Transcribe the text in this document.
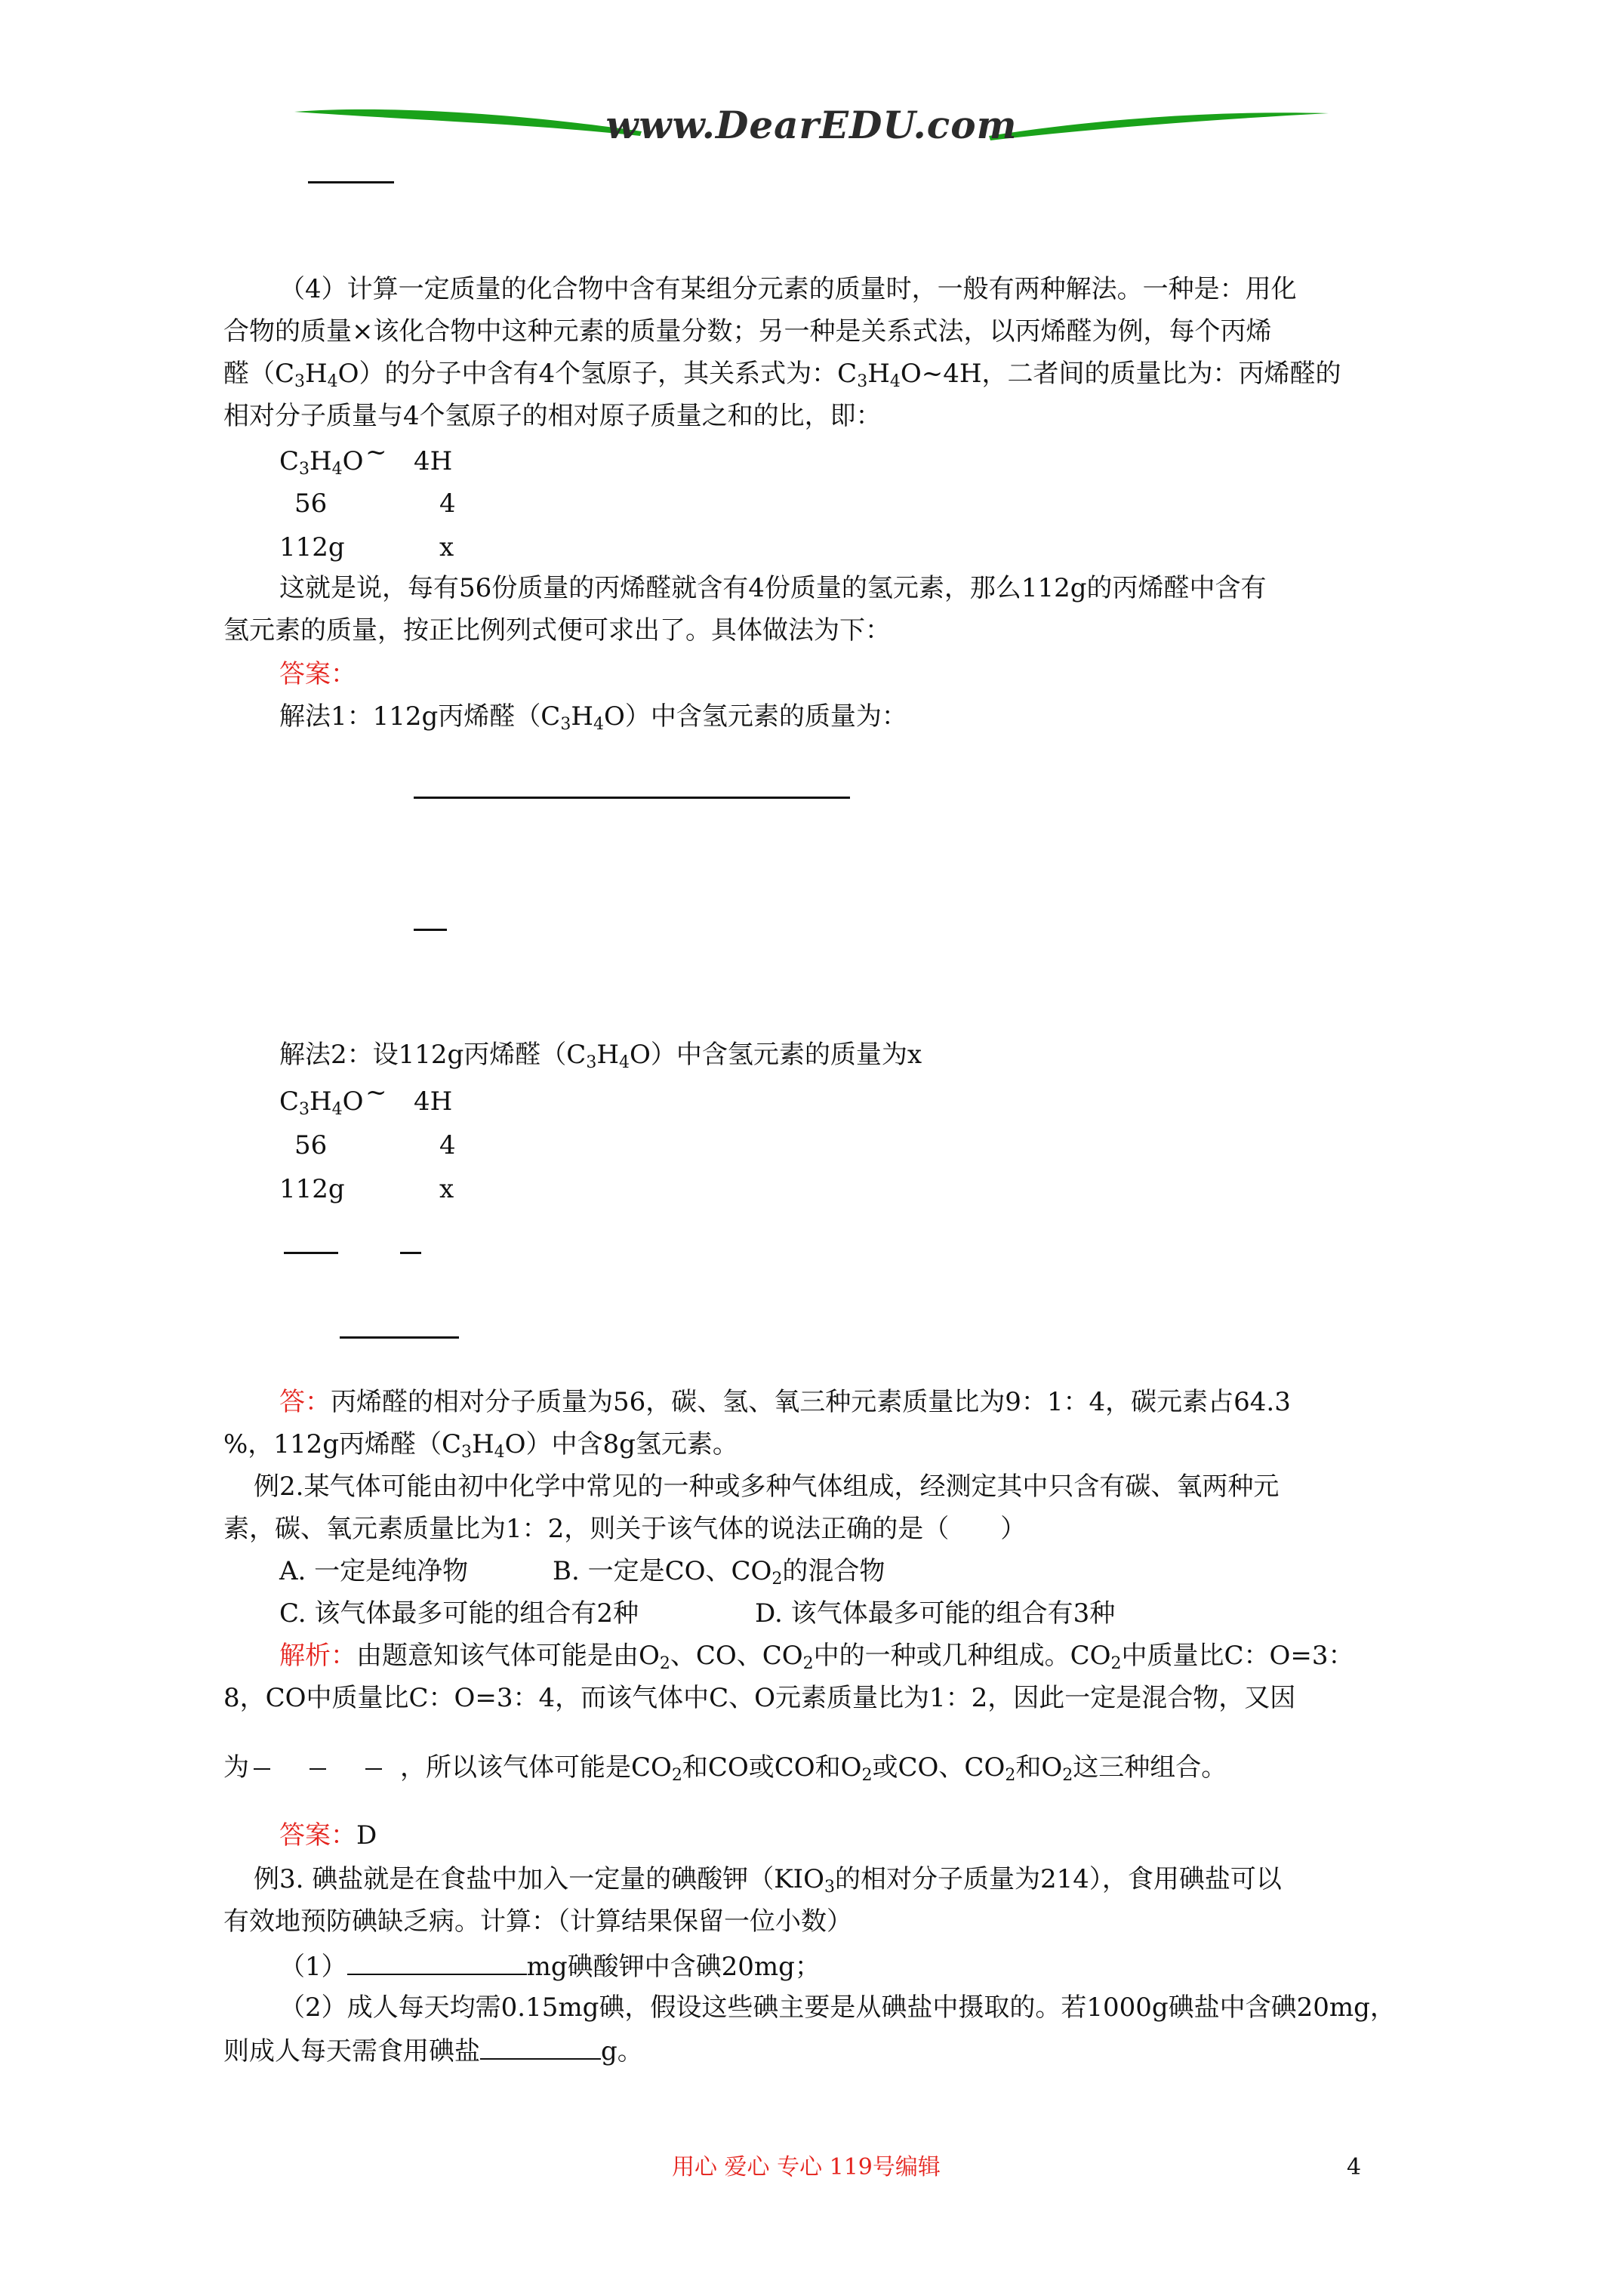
www.DearEDU.com
（4）计算一定质量的化合物中含有某组分元素的质量时，一般有两种解法。一种是：用化
合物的质量×该化合物中这种元素的质量分数；另一种是关系式法，以丙烯醛为例，每个丙烯
醛$(C_3H_4O)$的分子中含有4个氢原子，其关系式为：$C_3H_4O\sim 4H$，二者间的质量比为：丙烯醛的
相对分子质量与4个氢原子的相对原子质量之和的比，即：
$C_3H_4O$ ~ 4H
56	4
112g	x
这就是说，每有56份质量的丙烯醛就含有4份质量的氢元素，那么112g的丙烯醛中含有
氢元素的质量，按正比例列式便可求出了。具体做法为下：
答案：
解法1：112g丙烯醛$(C_3H_4O)$中含氢元素的质量为：
解法2：设112g丙烯醛$(C_3H_4O)$中含氢元素的质量为x
$C_3H_4O$ ~ 4H
56	4
112g	x
答：丙烯醛的相对分子质量为56，碳、氢、氧三种元素质量比为9：1：4，碳元素占64.3
%，112g丙烯醛$(C_3H_4O)$中含8g氢元素。
例2.某气体可能由初中化学中常见的一种或多种气体组成，经测定其中只含有碳、氧两种元
素，碳、氧元素质量比为1：2，则关于该气体的说法正确的是（　　）
A. 一定是纯净物	B. 一定是CO、$CO_2$的混合物
C. 该气体最多可能的组合有2种	D. 该气体最多可能的组合有3种
解析：由题意知该气体可能是由$O_2$、CO、$CO_2$中的一种或几种组成。$CO_2$中质量比C：O=3：
8，CO中质量比C：O=3：4，而该气体中C、O元素质量比为1：2，因此一定是混合物，又因
为	，所以该气体可能是$CO_2$和CO或CO和$O_2$或CO、$CO_2$和$O_2$这三种组合。
答案：D
例3. 碘盐就是在食盐中加入一定量的碘酸钾（$KIO_3$的相对分子质量为214），食用碘盐可以
有效地预防碘缺乏病。计算：（计算结果保留一位小数）
（1）	mg碘酸钾中含碘20mg；
（2）成人每天均需0.15mg碘，假设这些碘主要是从碘盐中摄取的。若1000g碘盐中含碘20mg，
则成人每天需食用碘盐	g。
用心 爱心 专心 119号编辑	4
